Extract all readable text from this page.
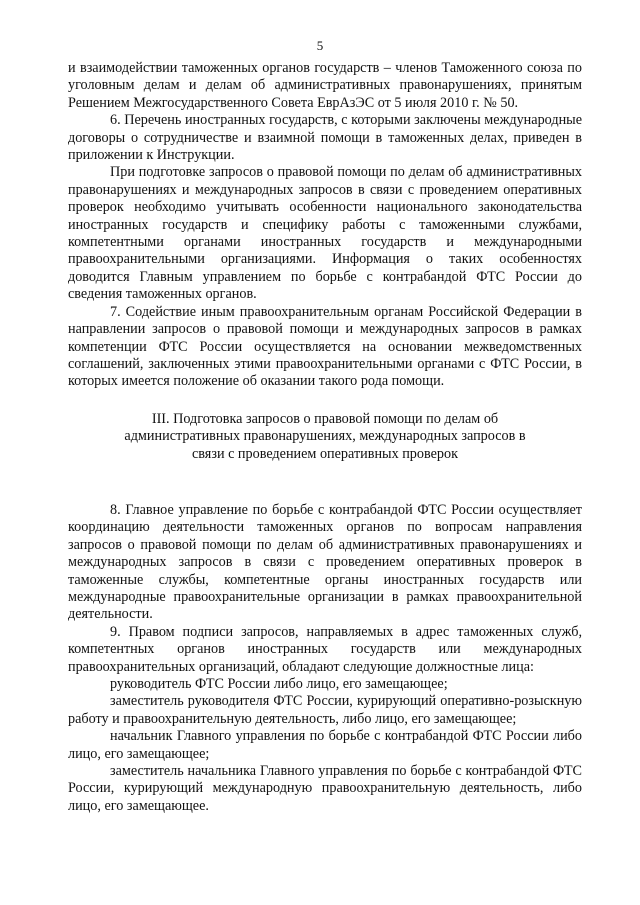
5

и взаимодействии таможенных органов государств – членов Таможенного союза по уголовным делам и делам об административных правонарушениях, принятым Решением Межгосударственного Совета ЕврАзЭС от 5 июля 2010 г. № 50.

6. Перечень иностранных государств, с которыми заключены международные договоры о сотрудничестве и взаимной помощи в таможенных делах, приведен в приложении к Инструкции.

При подготовке запросов о правовой помощи по делам об административных правонарушениях и международных запросов в связи с проведением оперативных проверок необходимо учитывать особенности национального законодательства иностранных государств и специфику работы с таможенными службами, компетентными органами иностранных государств и международными правоохранительными организациями. Информация о таких особенностях доводится Главным управлением по борьбе с контрабандой ФТС России до сведения таможенных органов.

7. Содействие иным правоохранительным органам Российской Федерации в направлении запросов о правовой помощи и международных запросов в рамках компетенции ФТС России осуществляется на основании межведомственных соглашений, заключенных этими правоохранительными органами с ФТС России, в которых имеется положение об оказании такого рода помощи.

III. Подготовка запросов о правовой помощи по делам об административных правонарушениях, международных запросов в связи с проведением оперативных проверок

8. Главное управление по борьбе с контрабандой ФТС России осуществляет координацию деятельности таможенных органов по вопросам направления запросов о правовой помощи по делам об административных правонарушениях и международных запросов в связи с проведением оперативных проверок в таможенные службы, компетентные органы иностранных государств или международные правоохранительные организации в рамках правоохранительной деятельности.

9. Правом подписи запросов, направляемых в адрес таможенных служб, компетентных органов иностранных государств или международных правоохранительных организаций, обладают следующие должностные лица:

руководитель ФТС России либо лицо, его замещающее;

заместитель руководителя ФТС России, курирующий оперативно-розыскную работу и правоохранительную деятельность, либо лицо, его замещающее;

начальник Главного управления по борьбе с контрабандой ФТС России либо лицо, его замещающее;

заместитель начальника Главного управления по борьбе с контрабандой ФТС России, курирующий международную правоохранительную деятельность, либо лицо, его замещающее.
